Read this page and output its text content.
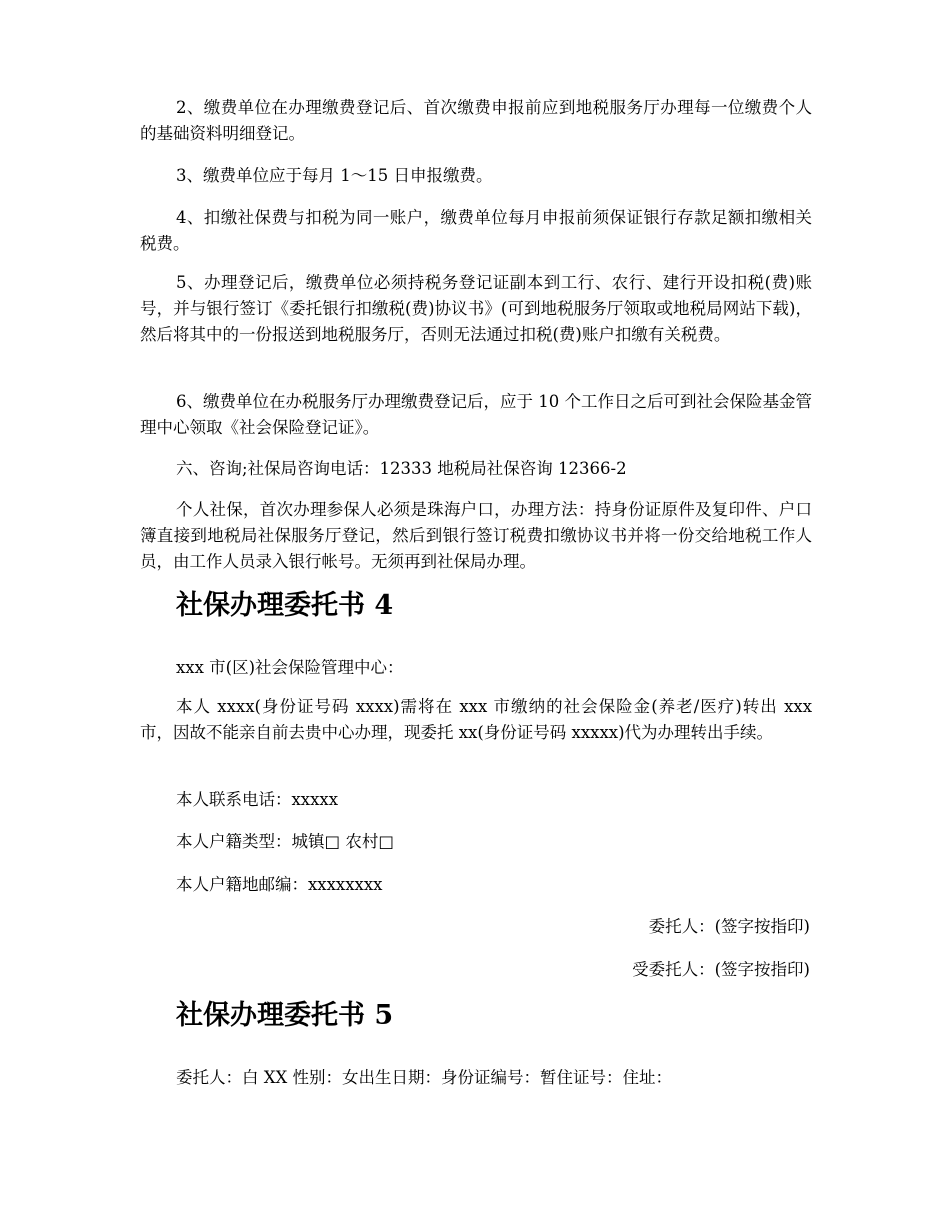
2、缴费单位在办理缴费登记后、首次缴费申报前应到地税服务厅办理每一位缴费个人的基础资料明细登记。

3、缴费单位应于每月 1～15 日申报缴费。

4、扣缴社保费与扣税为同一账户，缴费单位每月申报前须保证银行存款足额扣缴相关税费。

5、办理登记后，缴费单位必须持税务登记证副本到工行、农行、建行开设扣税(费)账号，并与银行签订《委托银行扣缴税(费)协议书》(可到地税服务厅领取或地税局网站下载)，然后将其中的一份报送到地税服务厅，否则无法通过扣税(费)账户扣缴有关税费。

6、缴费单位在办税服务厅办理缴费登记后，应于 10 个工作日之后可到社会保险基金管理中心领取《社会保险登记证》。

六、咨询;社保局咨询电话：12333 地税局社保咨询 12366-2

个人社保，首次办理参保人必须是珠海户口，办理方法：持身份证原件及复印件、户口簿直接到地税局社保服务厅登记，然后到银行签订税费扣缴协议书并将一份交给地税工作人员，由工作人员录入银行帐号。无须再到社保局办理。

社保办理委托书 4

xxx 市(区)社会保险管理中心：

本人 xxxx(身份证号码 xxxx)需将在 xxx 市缴纳的社会保险金(养老/医疗)转出 xxx 市，因故不能亲自前去贵中心办理，现委托 xx(身份证号码 xxxxx)代为办理转出手续。

本人联系电话：xxxxx

本人户籍类型：城镇□ 农村□

本人户籍地邮编：xxxxxxxx

委托人：(签字按指印)

受委托人：(签字按指印)

社保办理委托书 5

委托人：白 XX 性别：女出生日期：身份证编号：暂住证号：住址：
